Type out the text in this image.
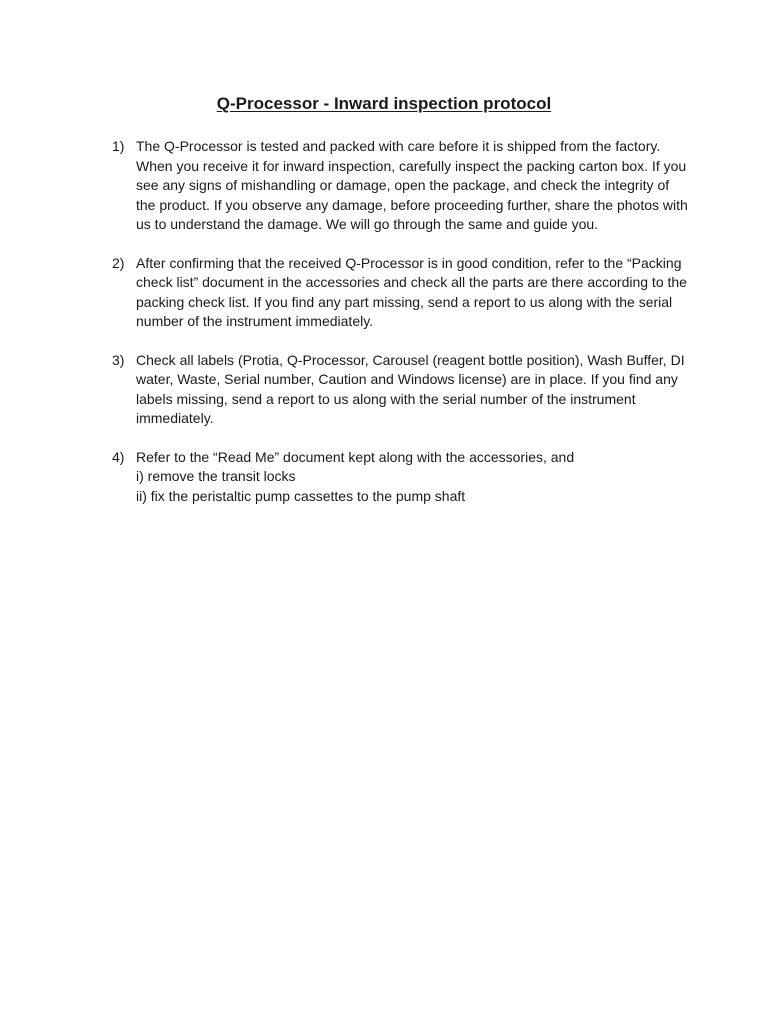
Q-Processor - Inward inspection protocol
1) The Q-Processor is tested and packed with care before it is shipped from the factory. When you receive it for inward inspection, carefully inspect the packing carton box. If you see any signs of mishandling or damage, open the package, and check the integrity of the product. If you observe any damage, before proceeding further, share the photos with us to understand the damage. We will go through the same and guide you.
2) After confirming that the received Q-Processor is in good condition, refer to the “Packing check list” document in the accessories and check all the parts are there according to the packing check list. If you find any part missing, send a report to us along with the serial number of the instrument immediately.
3) Check all labels (Protia, Q-Processor, Carousel (reagent bottle position), Wash Buffer, DI water, Waste, Serial number, Caution and Windows license) are in place. If you find any labels missing, send a report to us along with the serial number of the instrument immediately.
4) Refer to the “Read Me” document kept along with the accessories, and
i) remove the transit locks
ii) fix the peristaltic pump cassettes to the pump shaft
